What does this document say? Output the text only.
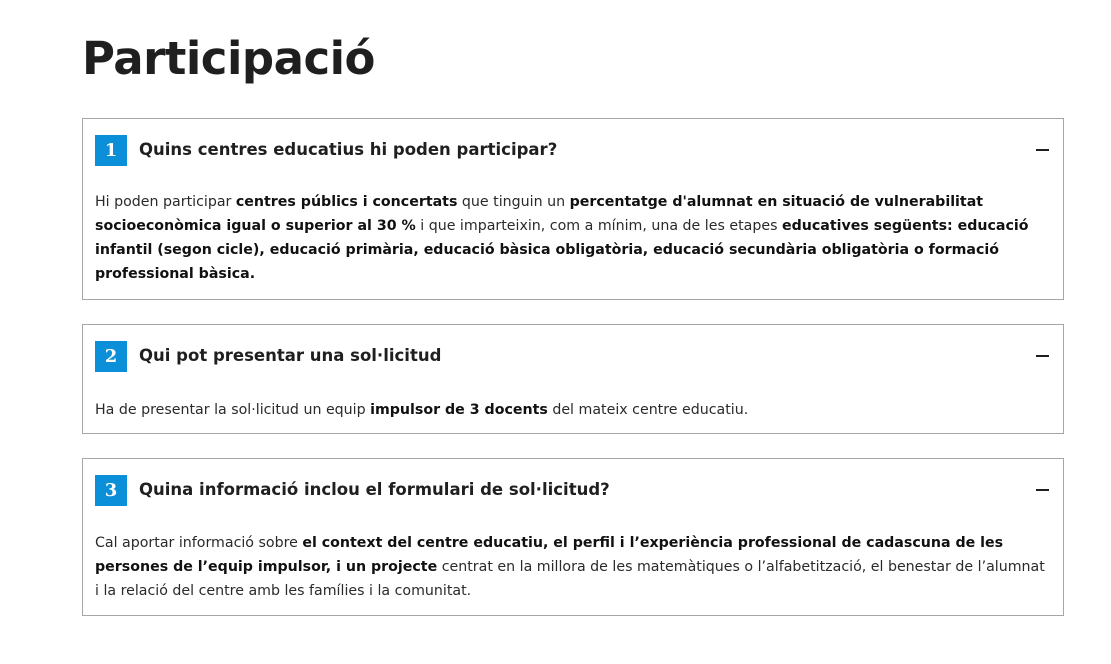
Participació
1	Quins centres educatius hi poden participar?

Hi poden participar centres públics i concertats que tinguin un percentatge d'alumnat en situació de vulnerabilitat socioeconòmica igual o superior al 30 % i que imparteixin, com a mínim, una de les etapes educatives següents: educació infantil (segon cicle), educació primària, educació bàsica obligatòria, educació secundària obligatòria o formació professional bàsica.

2	Qui pot presentar una sol·licitud

Ha de presentar la sol·licitud un equip impulsor de 3 docents del mateix centre educatiu.

3	Quina informació inclou el formulari de sol·licitud?

Cal aportar informació sobre el context del centre educatiu, el perfil i l’experiència professional de cadascuna de les persones de l’equip impulsor, i un projecte centrat en la millora de les matemàtiques o l’alfabetització, el benestar de l’alumnat i la relació del centre amb les famílies i la comunitat.
